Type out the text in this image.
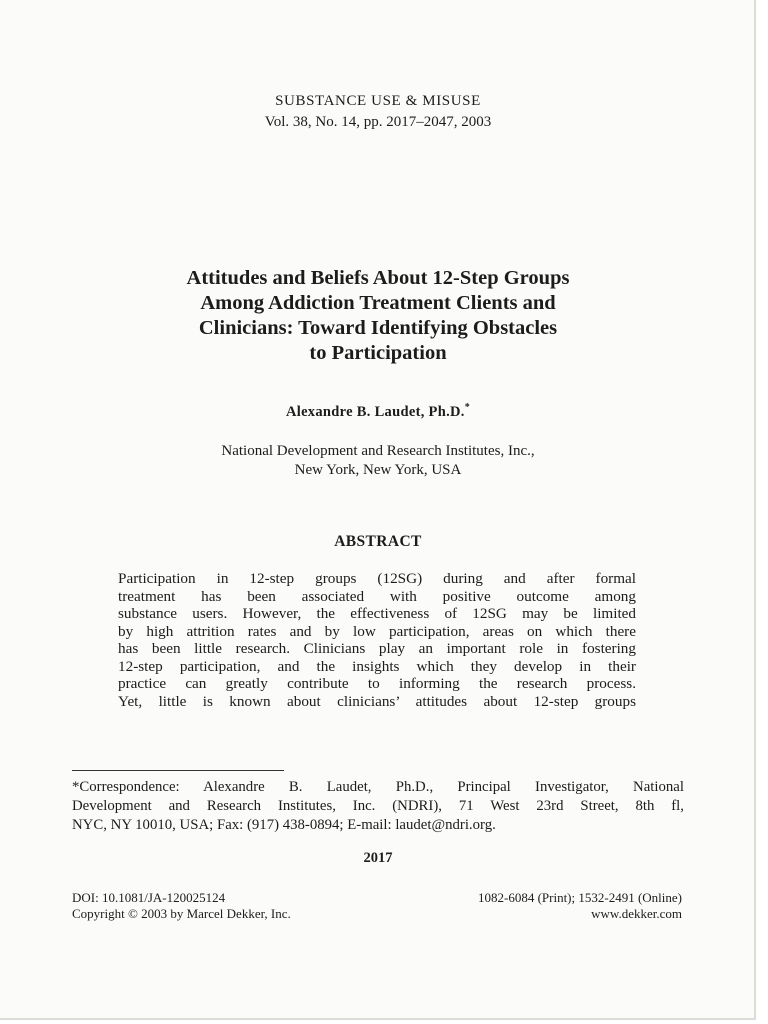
SUBSTANCE USE & MISUSE
Vol. 38, No. 14, pp. 2017–2047, 2003
Attitudes and Beliefs About 12-Step Groups
Among Addiction Treatment Clients and
Clinicians: Toward Identifying Obstacles
to Participation
Alexandre B. Laudet, Ph.D.*
National Development and Research Institutes, Inc.,
New York, New York, USA
ABSTRACT
Participation in 12-step groups (12SG) during and after formal
treatment has been associated with positive outcome among
substance users. However, the effectiveness of 12SG may be limited
by high attrition rates and by low participation, areas on which there
has been little research. Clinicians play an important role in fostering
12-step participation, and the insights which they develop in their
practice can greatly contribute to informing the research process.
Yet, little is known about clinicians’ attitudes about 12-step groups
*Correspondence: Alexandre B. Laudet, Ph.D., Principal Investigator, National
Development and Research Institutes, Inc. (NDRI), 71 West 23rd Street, 8th fl,
NYC, NY 10010, USA; Fax: (917) 438-0894; E-mail: laudet@ndri.org.
2017
DOI: 10.1081/JA-120025124
Copyright © 2003 by Marcel Dekker, Inc.
1082-6084 (Print); 1532-2491 (Online)
www.dekker.com
